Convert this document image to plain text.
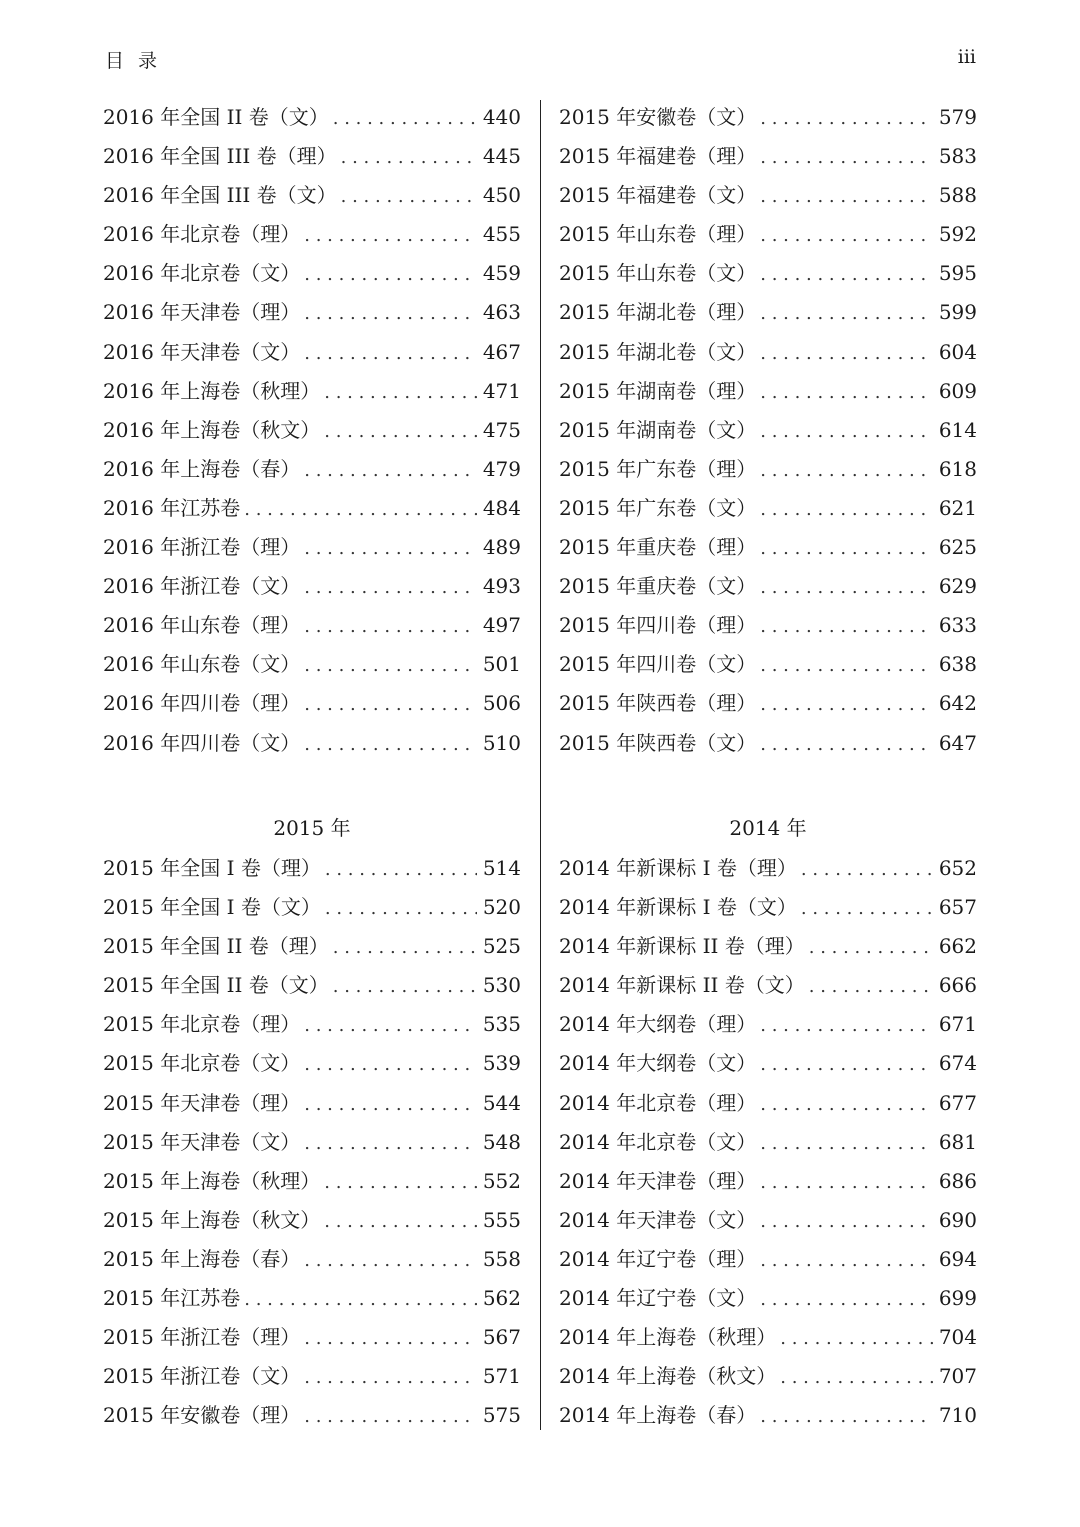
目 录	iii
2016 年全国 II 卷（文） . . .	440
2016 年全国 III 卷（理） . . .	445
2016 年全国 III 卷（文） . . .	450
2016 年北京卷（理） . . .	455
2016 年北京卷（文） . . .	459
2016 年天津卷（理） . . .	463
2016 年天津卷（文） . . .	467
2016 年上海卷（秋理） . . .	471
2016 年上海卷（秋文） . . .	475
2016 年上海卷（春） . . .	479
2016 年江苏卷 . . .	484
2016 年浙江卷（理） . . .	489
2016 年浙江卷（文） . . .	493
2016 年山东卷（理） . . .	497
2016 年山东卷（文） . . .	501
2016 年四川卷（理） . . .	506
2016 年四川卷（文） . . .	510
2015 年
2015 年全国 I 卷（理） . . .	514
2015 年全国 I 卷（文） . . .	520
2015 年全国 II 卷（理） . . .	525
2015 年全国 II 卷（文） . . .	530
2015 年北京卷（理） . . .	535
2015 年北京卷（文） . . .	539
2015 年天津卷（理） . . .	544
2015 年天津卷（文） . . .	548
2015 年上海卷（秋理） . . .	552
2015 年上海卷（秋文） . . .	555
2015 年上海卷（春） . . .	558
2015 年江苏卷 . . .	562
2015 年浙江卷（理） . . .	567
2015 年浙江卷（文） . . .	571
2015 年安徽卷（理） . . .	575
2015 年安徽卷（文） . . .	579
2015 年福建卷（理） . . .	583
2015 年福建卷（文） . . .	588
2015 年山东卷（理） . . .	592
2015 年山东卷（文） . . .	595
2015 年湖北卷（理） . . .	599
2015 年湖北卷（文） . . .	604
2015 年湖南卷（理） . . .	609
2015 年湖南卷（文） . . .	614
2015 年广东卷（理） . . .	618
2015 年广东卷（文） . . .	621
2015 年重庆卷（理） . . .	625
2015 年重庆卷（文） . . .	629
2015 年四川卷（理） . . .	633
2015 年四川卷（文） . . .	638
2015 年陕西卷（理） . . .	642
2015 年陕西卷（文） . . .	647
2014 年
2014 年新课标 I 卷（理） . . .	652
2014 年新课标 I 卷（文） . . .	657
2014 年新课标 II 卷（理） . . .	662
2014 年新课标 II 卷（文） . . .	666
2014 年大纲卷（理） . . .	671
2014 年大纲卷（文） . . .	674
2014 年北京卷（理） . . .	677
2014 年北京卷（文） . . .	681
2014 年天津卷（理） . . .	686
2014 年天津卷（文） . . .	690
2014 年辽宁卷（理） . . .	694
2014 年辽宁卷（文） . . .	699
2014 年上海卷（秋理） . . .	704
2014 年上海卷（秋文） . . .	707
2014 年上海卷（春） . . .	710
